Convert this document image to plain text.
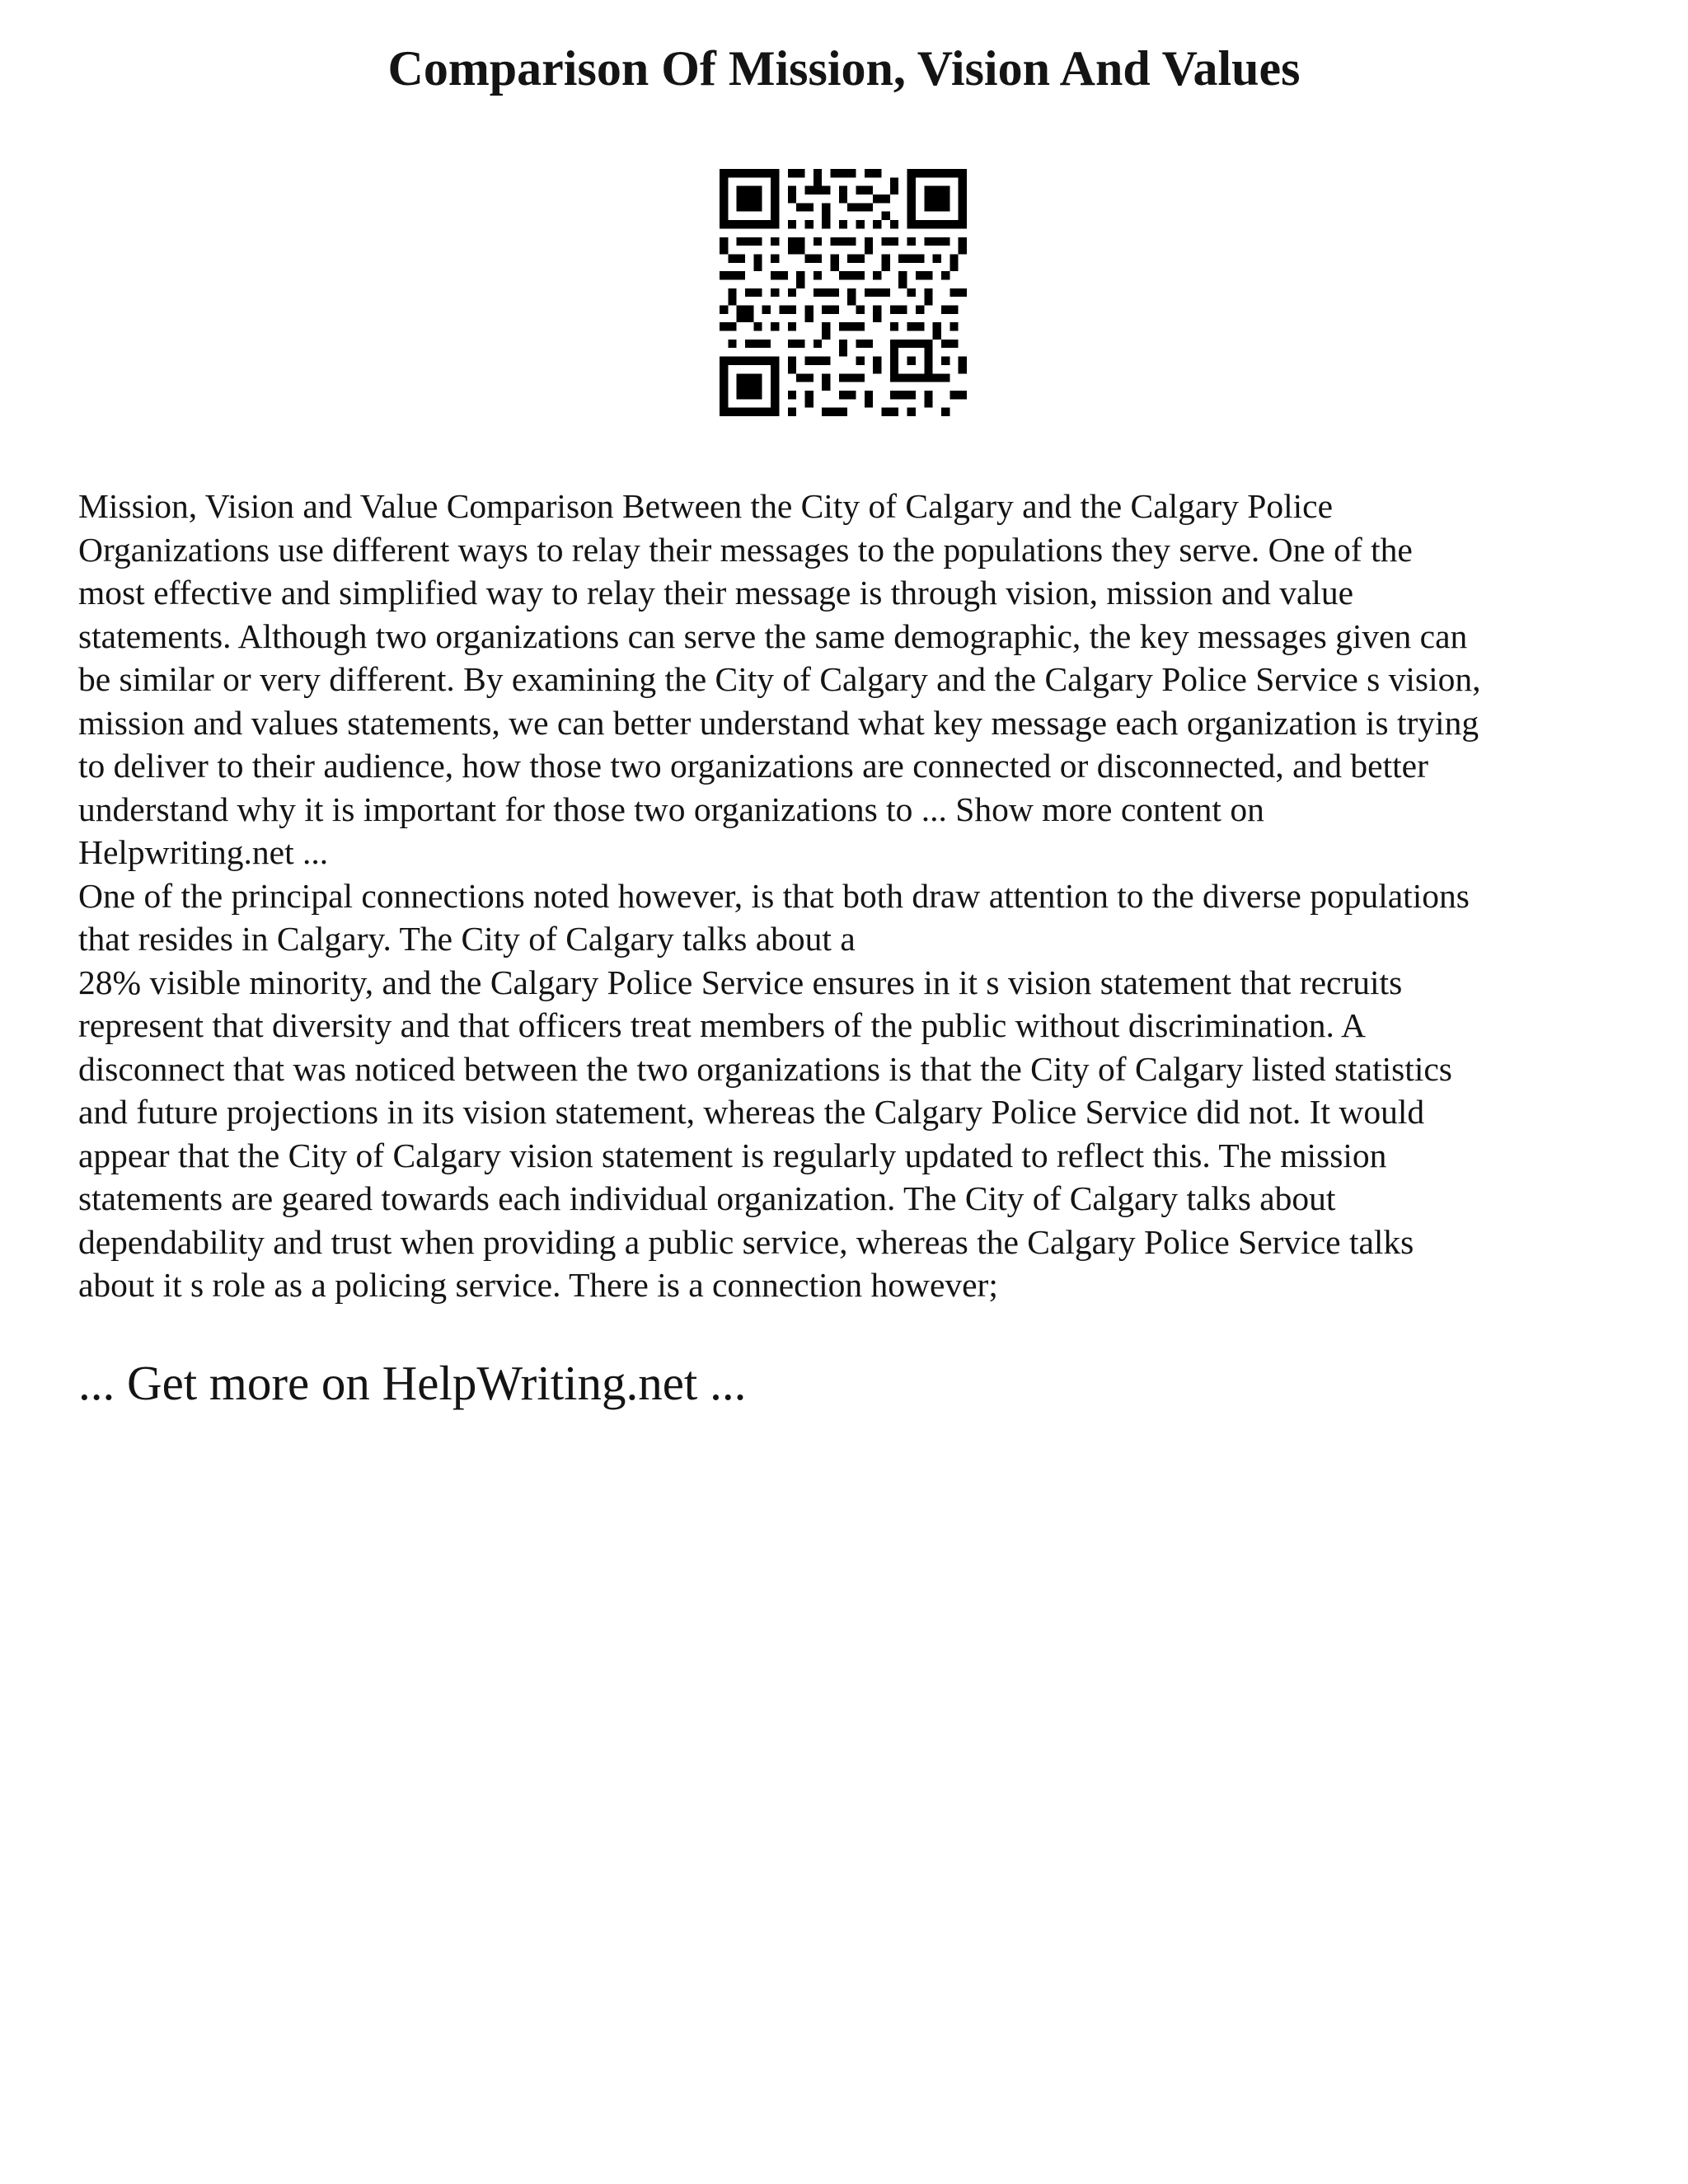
Comparison Of Mission, Vision And Values
Mission, Vision and Value Comparison Between the City of Calgary and the Calgary Police
Organizations use different ways to relay their messages to the populations they serve. One of the
most effective and simplified way to relay their message is through vision, mission and value
statements. Although two organizations can serve the same demographic, the key messages given can
be similar or very different. By examining the City of Calgary and the Calgary Police Service s vision,
mission and values statements, we can better understand what key message each organization is trying
to deliver to their audience, how those two organizations are connected or disconnected, and better
understand why it is important for those two organizations to ... Show more content on
Helpwriting.net ...
One of the principal connections noted however, is that both draw attention to the diverse populations
that resides in Calgary. The City of Calgary talks about a
28% visible minority, and the Calgary Police Service ensures in it s vision statement that recruits
represent that diversity and that officers treat members of the public without discrimination. A
disconnect that was noticed between the two organizations is that the City of Calgary listed statistics
and future projections in its vision statement, whereas the Calgary Police Service did not. It would
appear that the City of Calgary vision statement is regularly updated to reflect this. The mission
statements are geared towards each individual organization. The City of Calgary talks about
dependability and trust when providing a public service, whereas the Calgary Police Service talks
about it s role as a policing service. There is a connection however;

... Get more on HelpWriting.net ...
